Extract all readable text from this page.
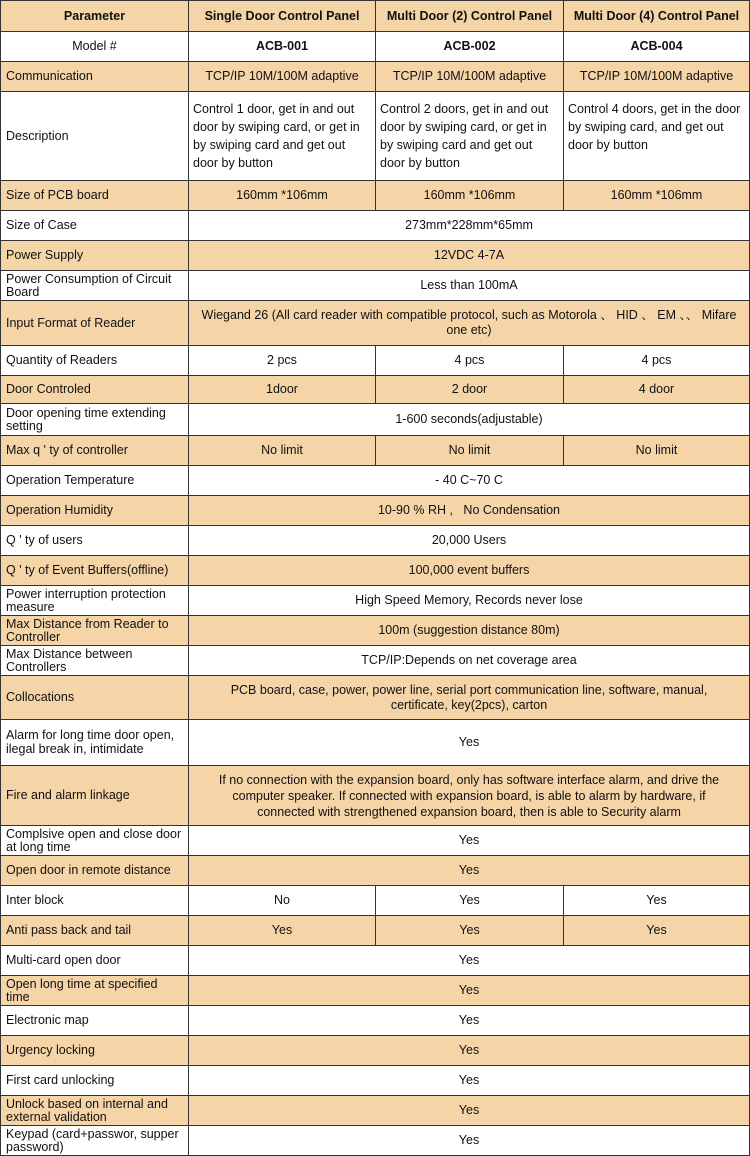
Parameter	Single Door Control Panel	Multi Door (2) Control Panel	Multi Door (4) Control Panel
Model #	ACB-001	ACB-002	ACB-004
Communication	TCP/IP 10M/100M adaptive	TCP/IP 10M/100M adaptive	TCP/IP 10M/100M adaptive
Description	Control 1 door, get in and out door by swiping card, or get in by swiping card and get out door by button	Control 2 doors, get in and out door by swiping card, or get in by swiping card and get out door by button	Control 4 doors, get in the door by swiping card, and get out door by button
Size of PCB board	160mm *106mm	160mm *106mm	160mm *106mm
Size of Case	273mm*228mm*65mm		
Power Supply	12VDC 4-7A		
Power Consumption of Circuit Board	Less than 100mA		
Input Format of Reader	Wiegand 26 (All card reader with compatible protocol, such as Motorola 、 HID 、 EM 、、 Mifare one etc)		
Quantity of Readers	2 pcs	4 pcs	4 pcs
Door Controled	1door	2 door	4 door
Door opening time extending setting	1-600 seconds(adjustable)		
Max q ' ty of controller	No limit	No limit	No limit
Operation Temperature	- 40 C~70 C		
Operation Humidity	10-90 % RH ,   No Condensation		
Q ' ty of users	20,000 Users		
Q ' ty of Event Buffers(offline)	100,000 event buffers		
Power interruption protection measure	High Speed Memory, Records never lose		
Max Distance from Reader to Controller	100m (suggestion distance 80m)		
Max Distance between Controllers	TCP/IP:Depends on net coverage area		
Collocations	PCB board, case, power, power line, serial port communication line, software, manual, certificate, key(2pcs), carton		
Alarm for long time door open, ilegal break in, intimidate	Yes		
Fire and alarm linkage	If no connection with the expansion board, only has software interface alarm, and drive the computer speaker. If connected with expansion board, is able to alarm by hardware, if connected with strengthened expansion board, then is able to Security alarm		
Complsive open and close door at long time	Yes		
Open door in remote distance	Yes		
Inter block	No	Yes	Yes
Anti pass back and tail	Yes	Yes	Yes
Multi-card open door	Yes		
Open long time at specified time	Yes		
Electronic map	Yes		
Urgency locking	Yes		
First card unlocking	Yes		
Unlock based on internal and external validation	Yes		
Keypad (card+passwor, supper password)	Yes		
